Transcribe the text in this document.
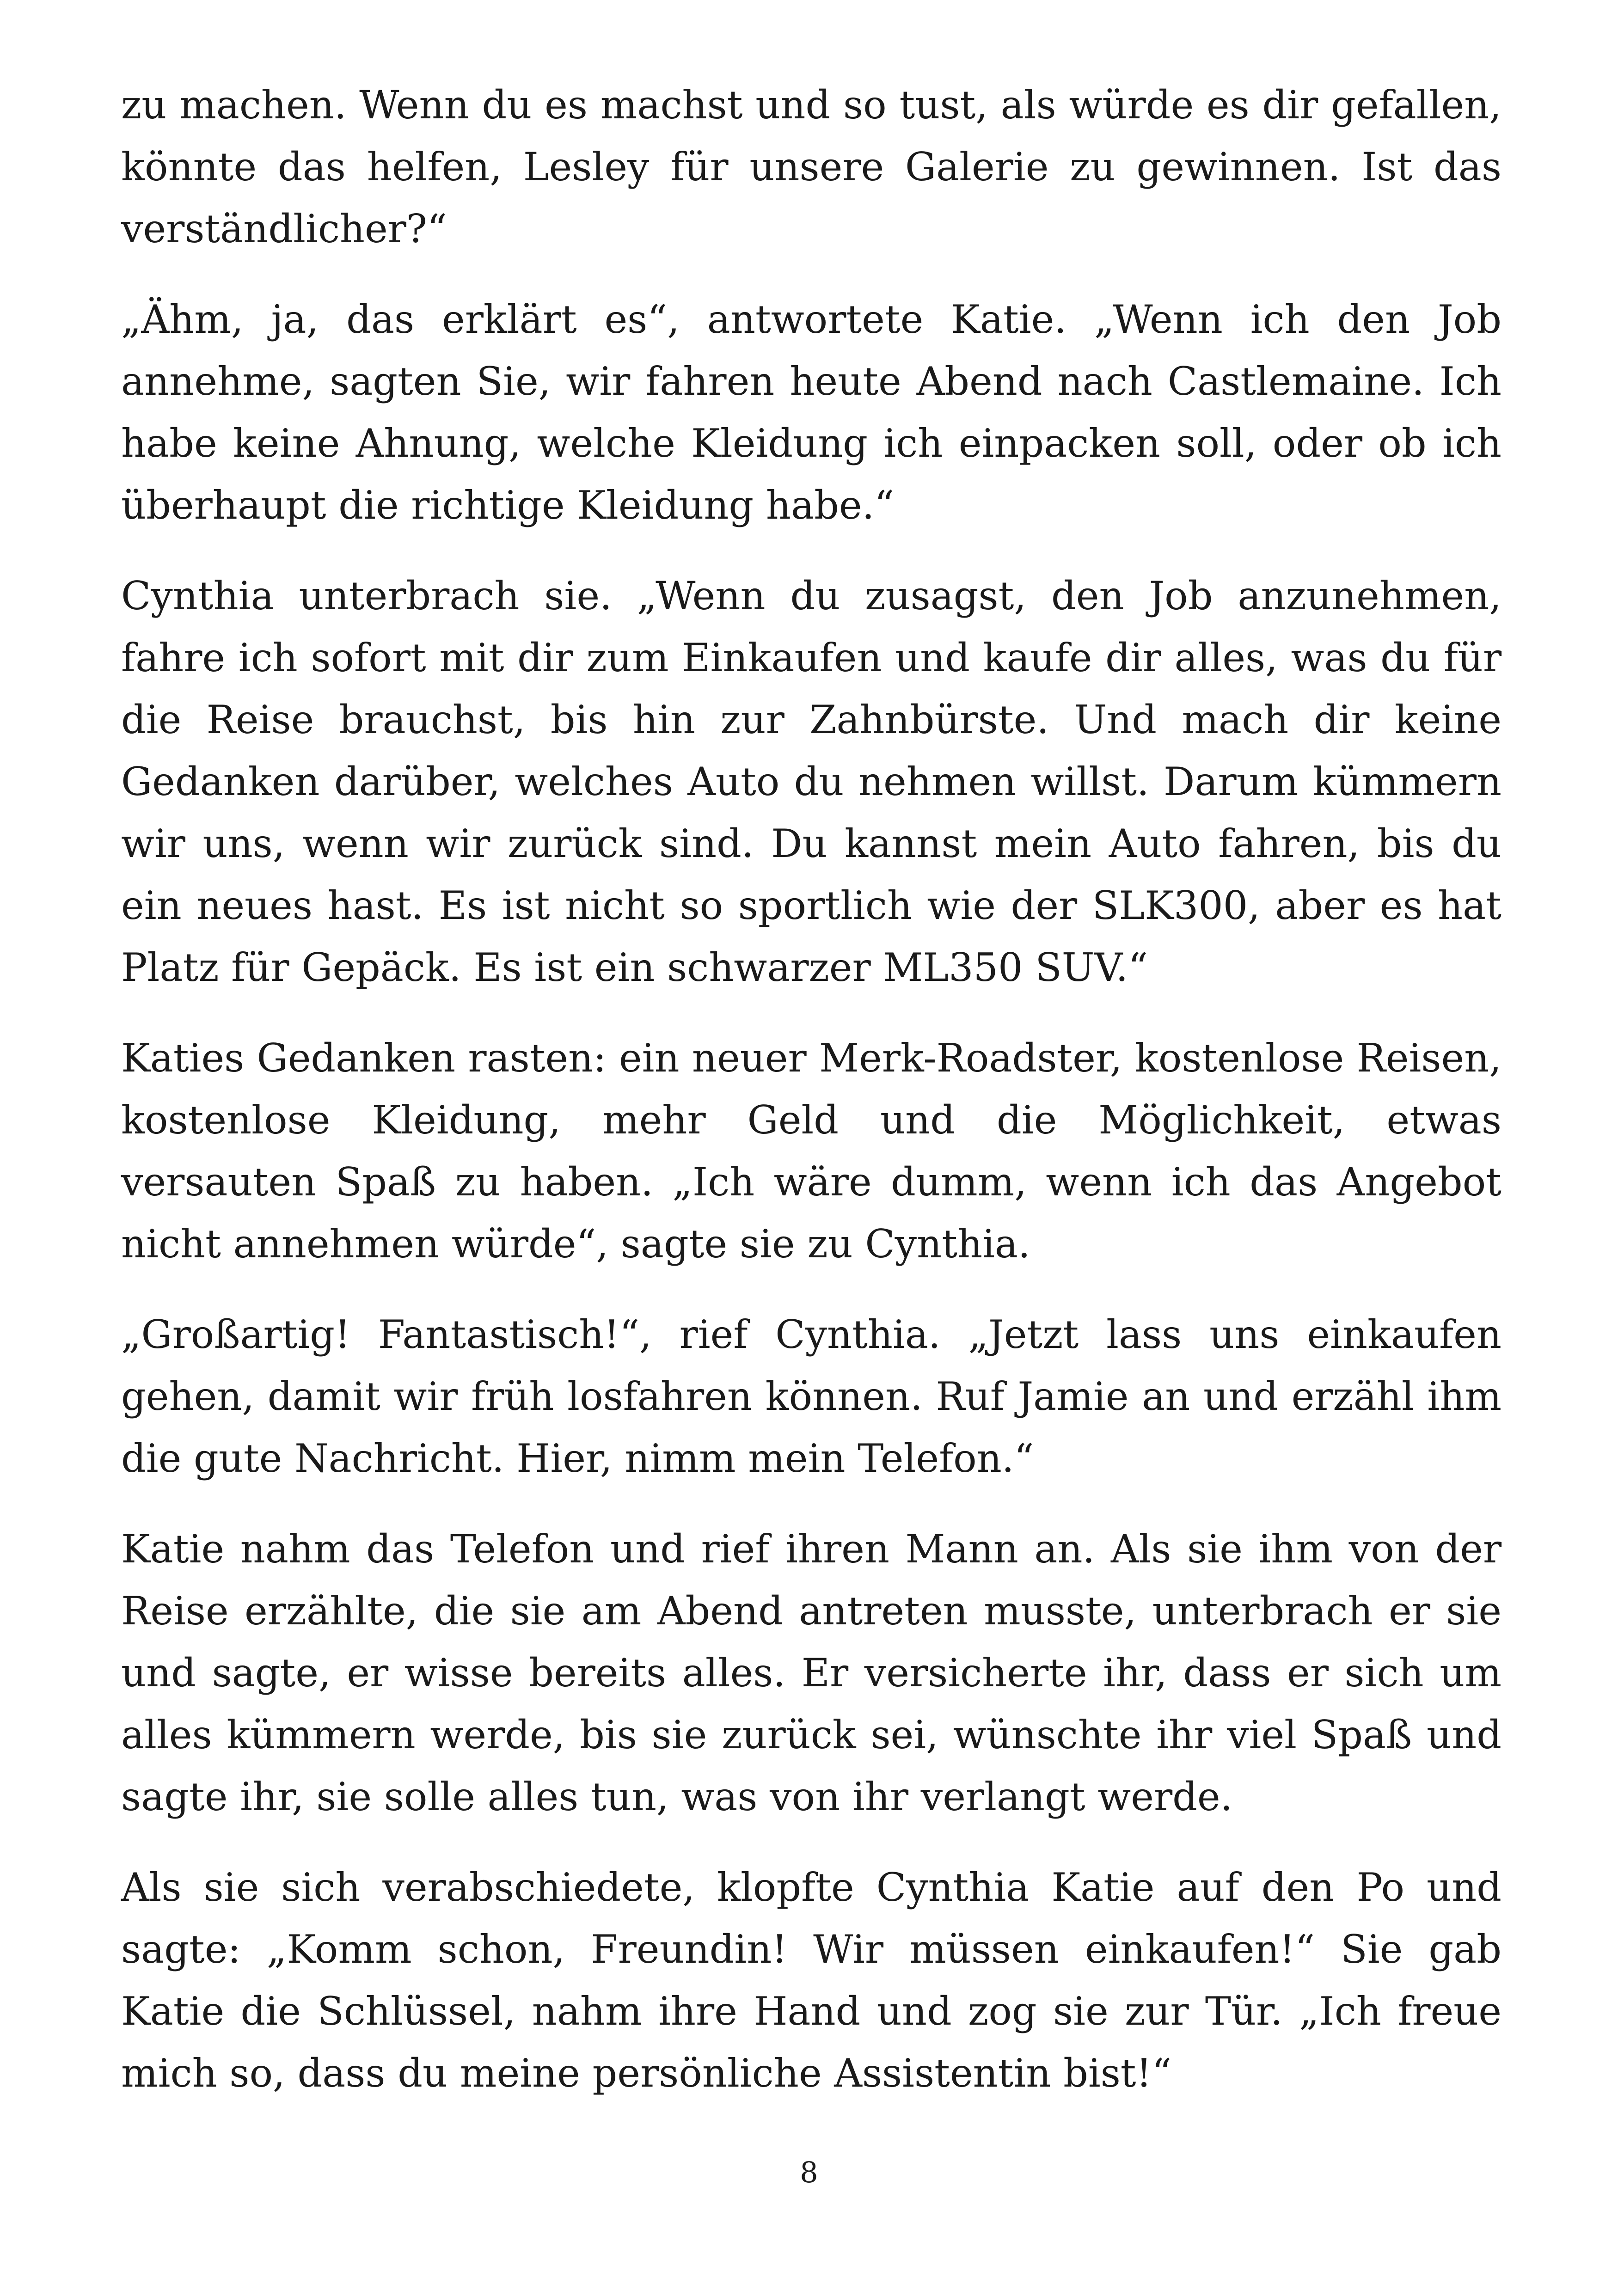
zu machen. Wenn du es machst und so tust, als würde es dir gefallen, könnte das helfen, Lesley für unsere Galerie zu gewinnen. Ist das verständlicher?“

„Ähm, ja, das erklärt es“, antwortete Katie. „Wenn ich den Job annehme, sagten Sie, wir fahren heute Abend nach Castlemaine. Ich habe keine Ahnung, welche Kleidung ich einpacken soll, oder ob ich überhaupt die richtige Kleidung habe.“

Cynthia unterbrach sie. „Wenn du zusagst, den Job anzunehmen, fahre ich sofort mit dir zum Einkaufen und kaufe dir alles, was du für die Reise brauchst, bis hin zur Zahnbürste. Und mach dir keine Gedanken darüber, welches Auto du nehmen willst. Darum kümmern wir uns, wenn wir zurück sind. Du kannst mein Auto fahren, bis du ein neues hast. Es ist nicht so sportlich wie der SLK300, aber es hat Platz für Gepäck. Es ist ein schwarzer ML350 SUV.“

Katies Gedanken rasten: ein neuer Merk-Roadster, kostenlose Reisen, kostenlose Kleidung, mehr Geld und die Möglichkeit, etwas versauten Spaß zu haben. „Ich wäre dumm, wenn ich das Angebot nicht annehmen würde“, sagte sie zu Cynthia.

„Großartig! Fantastisch!“, rief Cynthia. „Jetzt lass uns einkaufen gehen, damit wir früh losfahren können. Ruf Jamie an und erzähl ihm die gute Nachricht. Hier, nimm mein Telefon.“

Katie nahm das Telefon und rief ihren Mann an. Als sie ihm von der Reise erzählte, die sie am Abend antreten musste, unterbrach er sie und sagte, er wisse bereits alles. Er versicherte ihr, dass er sich um alles kümmern werde, bis sie zurück sei, wünschte ihr viel Spaß und sagte ihr, sie solle alles tun, was von ihr verlangt werde.

Als sie sich verabschiedete, klopfte Cynthia Katie auf den Po und sagte: „Komm schon, Freundin! Wir müssen einkaufen!“ Sie gab Katie die Schlüssel, nahm ihre Hand und zog sie zur Tür. „Ich freue mich so, dass du meine persönliche Assistentin bist!“

8
